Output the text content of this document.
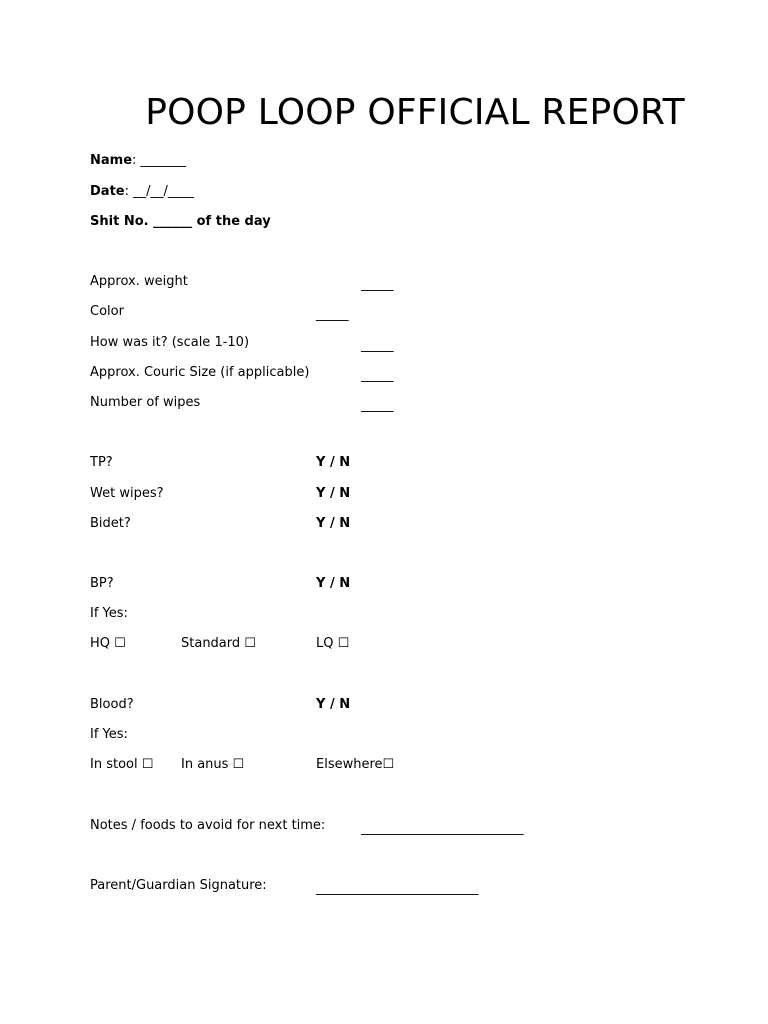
POOP LOOP OFFICIAL REPORT
Name: _______
Date: __/__/____
Shit No. ______ of the day
Approx. weight	_____
Color	_____
How was it? (scale 1-10)	_____
Approx. Couric Size (if applicable)	_____
Number of wipes	_____
TP?	Y / N
Wet wipes?	Y / N
Bidet?	Y / N
BP?	Y / N
If Yes:
HQ ☐	Standard ☐	LQ ☐
Blood?	Y / N
If Yes:
In stool ☐ In anus ☐	Elsewhere☐
Notes / foods to avoid for next time:	_________________________
Parent/Guardian Signature:	_________________________
